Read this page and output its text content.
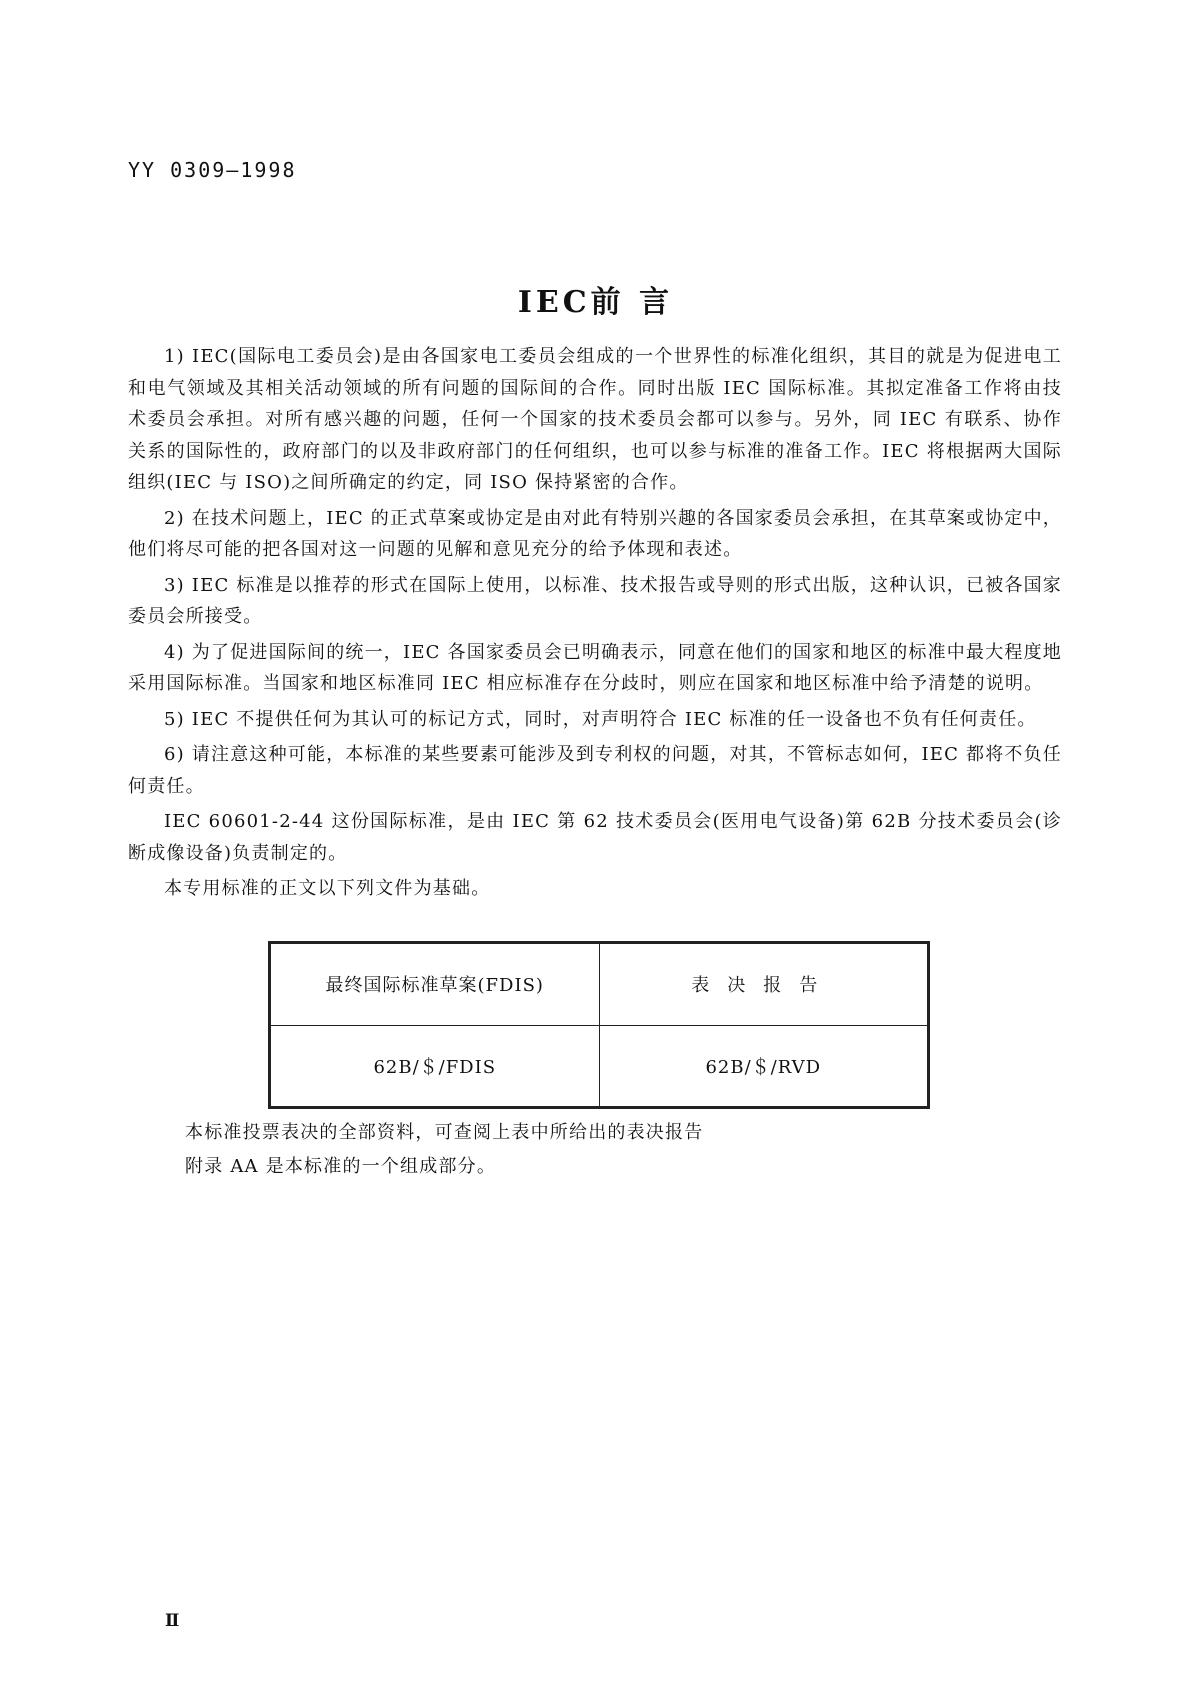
YY 0309—1998
IEC前 言

1) IEC(国际电工委员会)是由各国家电工委员会组成的一个世界性的标准化组织，其目的就是为促进电工和电气领域及其相关活动领域的所有问题的国际间的合作。同时出版 IEC 国际标准。其拟定准备工作将由技术委员会承担。对所有感兴趣的问题，任何一个国家的技术委员会都可以参与。另外，同 IEC 有联系、协作关系的国际性的，政府部门的以及非政府部门的任何组织，也可以参与标准的准备工作。IEC 将根据两大国际组织(IEC 与 ISO)之间所确定的约定，同 ISO 保持紧密的合作。

2) 在技术问题上，IEC 的正式草案或协定是由对此有特别兴趣的各国家委员会承担，在其草案或协定中，他们将尽可能的把各国对这一问题的见解和意见充分的给予体现和表述。

3) IEC 标准是以推荐的形式在国际上使用，以标准、技术报告或导则的形式出版，这种认识，已被各国家委员会所接受。

4) 为了促进国际间的统一，IEC 各国家委员会已明确表示，同意在他们的国家和地区的标准中最大程度地采用国际标准。当国家和地区标准同 IEC 相应标准存在分歧时，则应在国家和地区标准中给予清楚的说明。

5) IEC 不提供任何为其认可的标记方式，同时，对声明符合 IEC 标准的任一设备也不负有任何责任。

6) 请注意这种可能，本标准的某些要素可能涉及到专利权的问题，对其，不管标志如何，IEC 都将不负任何责任。

IEC 60601-2-44 这份国际标准，是由 IEC 第 62 技术委员会(医用电气设备)第 62B 分技术委员会(诊断成像设备)负责制定的。

本专用标准的正文以下列文件为基础。

最终国际标准草案(FDIS)	表决报告
62B/＄/FDIS	62B/＄/RVD

本标准投票表决的全部资料，可查阅上表中所给出的表决报告

附录 AA 是本标准的一个组成部分。

Ⅱ
